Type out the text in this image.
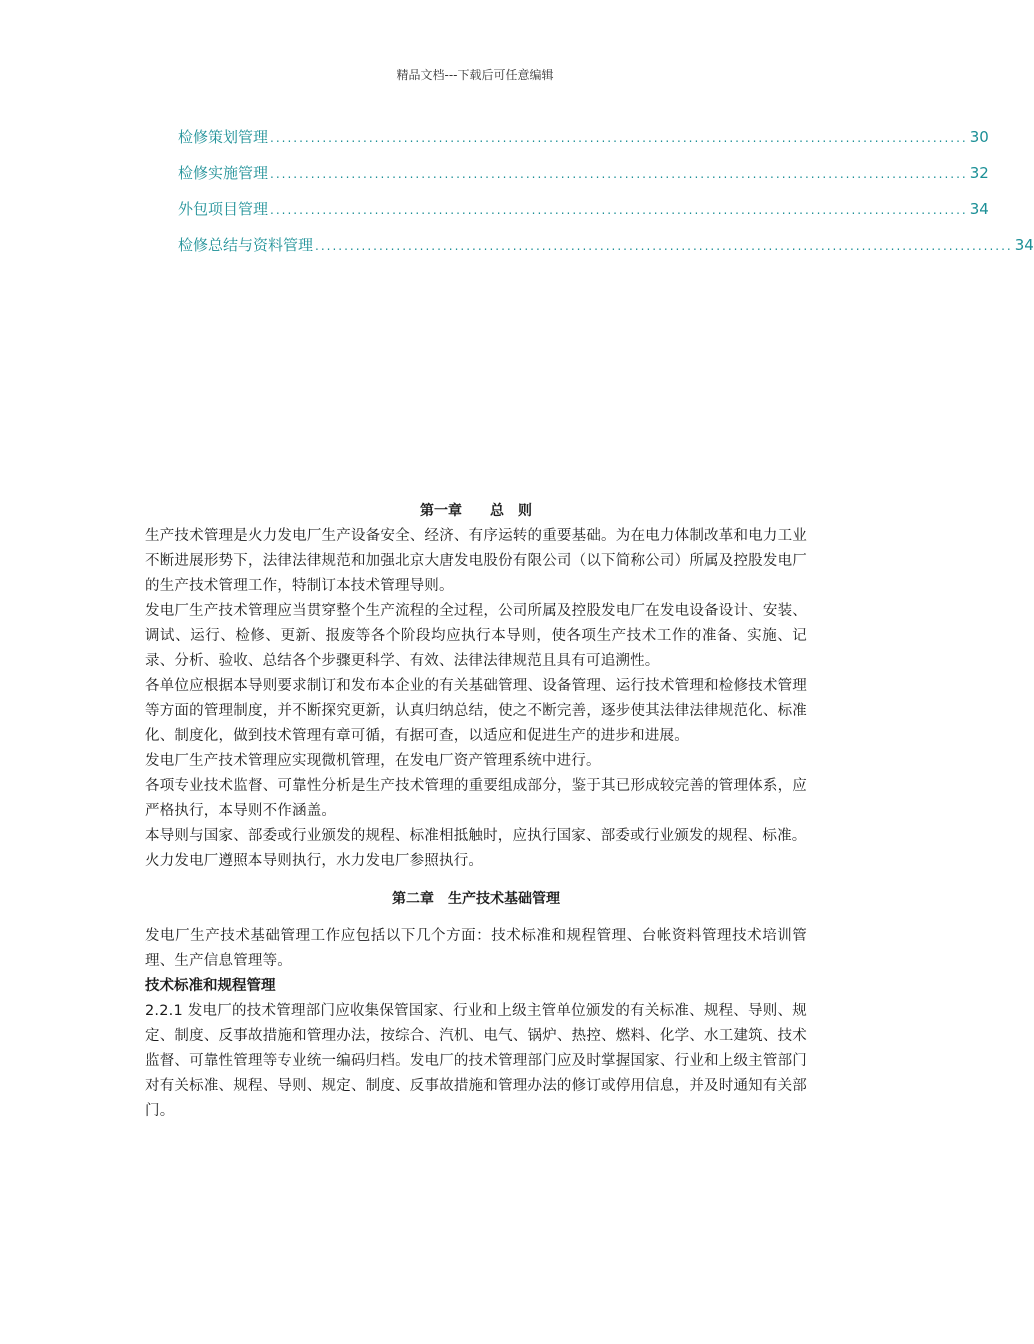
精品文档---下载后可任意编辑
检修策划管理 ........................................................................................................................ 30
检修实施管理 ........................................................................................................................ 32
外包项目管理 ........................................................................................................................ 34
检修总结与资料管理 ........................................................................................................................ 34
第一章　　总　则

生产技术管理是火力发电厂生产设备安全、经济、有序运转的重要基础。为在电力体制改革和电力工业不断进展形势下，法律法律规范和加强北京大唐发电股份有限公司（以下简称公司）所属及控股发电厂的生产技术管理工作，特制订本技术管理导则。

发电厂生产技术管理应当贯穿整个生产流程的全过程，公司所属及控股发电厂在发电设备设计、安装、调试、运行、检修、更新、报废等各个阶段均应执行本导则，使各项生产技术工作的准备、实施、记录、分析、验收、总结各个步骤更科学、有效、法律法律规范且具有可追溯性。

各单位应根据本导则要求制订和发布本企业的有关基础管理、设备管理、运行技术管理和检修技术管理等方面的管理制度，并不断探究更新，认真归纳总结，使之不断完善，逐步使其法律法律规范化、标准化、制度化，做到技术管理有章可循，有据可查，以适应和促进生产的进步和进展。

发电厂生产技术管理应实现微机管理，在发电厂资产管理系统中进行。

各项专业技术监督、可靠性分析是生产技术管理的重要组成部分，鉴于其已形成较完善的管理体系，应严格执行，本导则不作涵盖。

本导则与国家、部委或行业颁发的规程、标准相抵触时，应执行国家、部委或行业颁发的规程、标准。

火力发电厂遵照本导则执行，水力发电厂参照执行。

第二章　生产技术基础管理

发电厂生产技术基础管理工作应包括以下几个方面：技术标准和规程管理、台帐资料管理技术培训管理、生产信息管理等。

技术标准和规程管理

2.2.1 发电厂的技术管理部门应收集保管国家、行业和上级主管单位颁发的有关标准、规程、导则、规定、制度、反事故措施和管理办法，按综合、汽机、电气、锅炉、热控、燃料、化学、水工建筑、技术监督、可靠性管理等专业统一编码归档。发电厂的技术管理部门应及时掌握国家、行业和上级主管部门对有关标准、规程、导则、规定、制度、反事故措施和管理办法的修订或停用信息，并及时通知有关部门。
